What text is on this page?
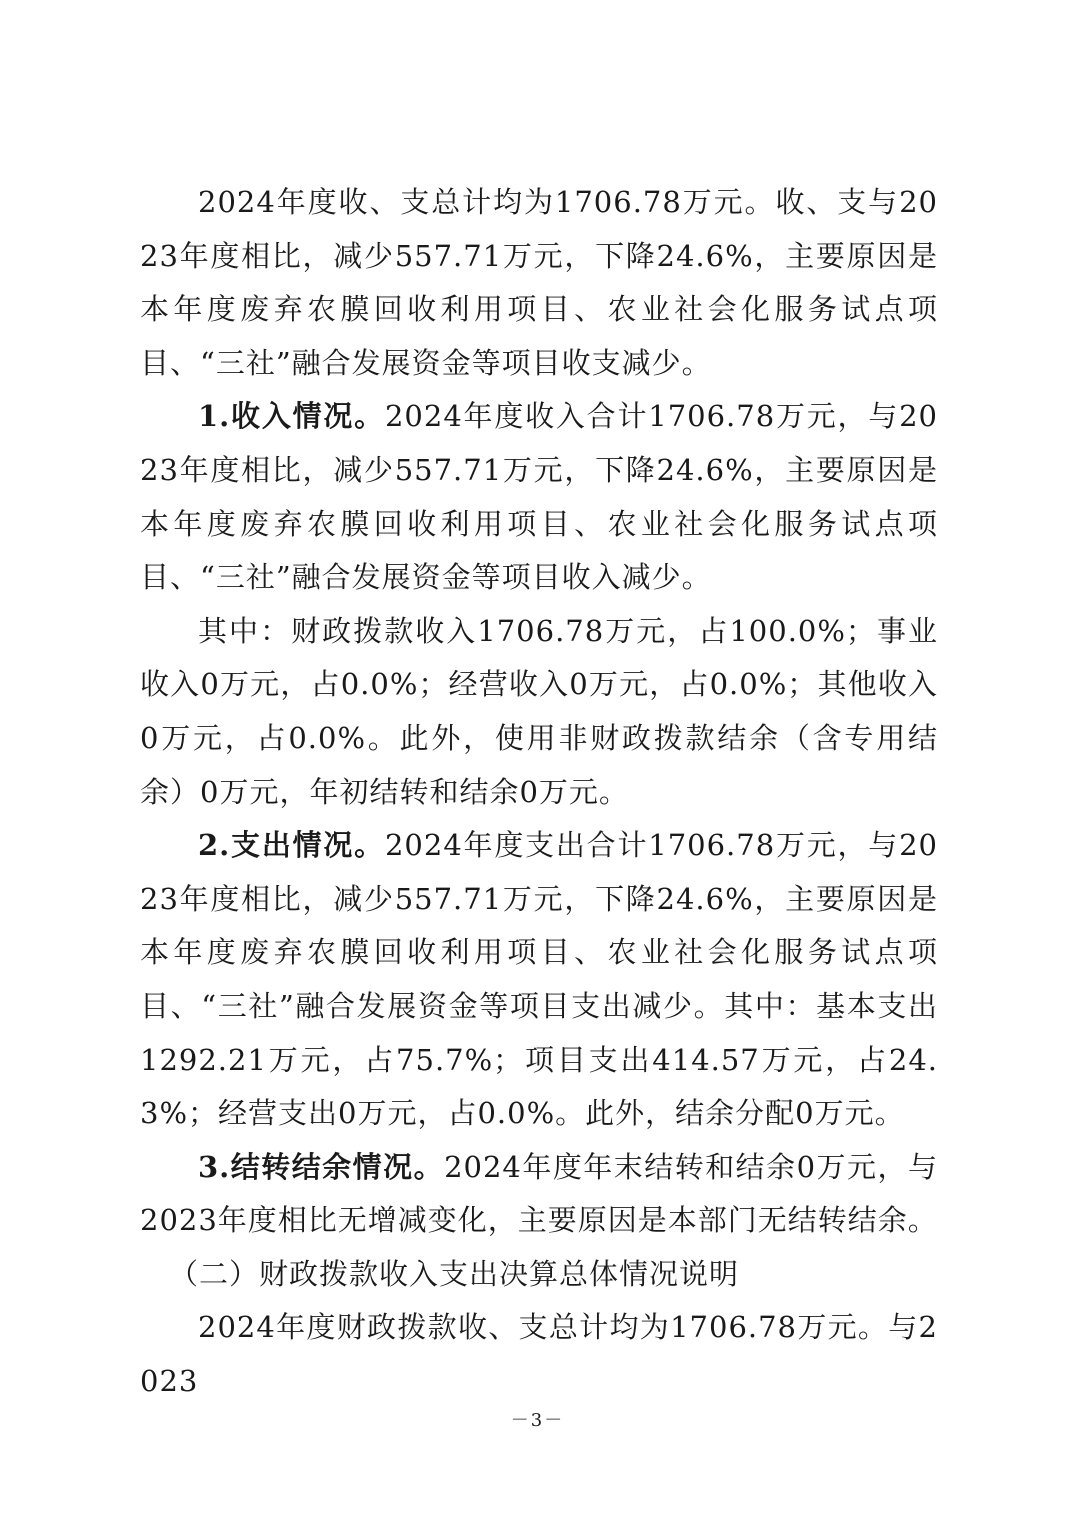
2024年度收、支总计均为1706.78万元。收、支与2023年度相比，减少557.71万元，下降24.6%，主要原因是本年度废弃农膜回收利用项目、农业社会化服务试点项目、“三社”融合发展资金等项目收支减少。

1.收入情况。2024年度收入合计1706.78万元，与2023年度相比，减少557.71万元，下降24.6%，主要原因是本年度废弃农膜回收利用项目、农业社会化服务试点项目、“三社”融合发展资金等项目收入减少。

其中：财政拨款收入1706.78万元，占100.0%；事业收入0万元，占0.0%；经营收入0万元，占0.0%；其他收入0万元，占0.0%。此外，使用非财政拨款结余（含专用结余）0万元，年初结转和结余0万元。

2.支出情况。2024年度支出合计1706.78万元，与2023年度相比，减少557.71万元，下降24.6%，主要原因是本年度废弃农膜回收利用项目、农业社会化服务试点项目、“三社”融合发展资金等项目支出减少。其中：基本支出1292.21万元，占75.7%；项目支出414.57万元，占24.3%；经营支出0万元，占0.0%。此外，结余分配0万元。

3.结转结余情况。2024年度年末结转和结余0万元，与2023年度相比无增减变化，主要原因是本部门无结转结余。

（二）财政拨款收入支出决算总体情况说明

2024年度财政拨款收、支总计均为1706.78万元。与2023

－3－
